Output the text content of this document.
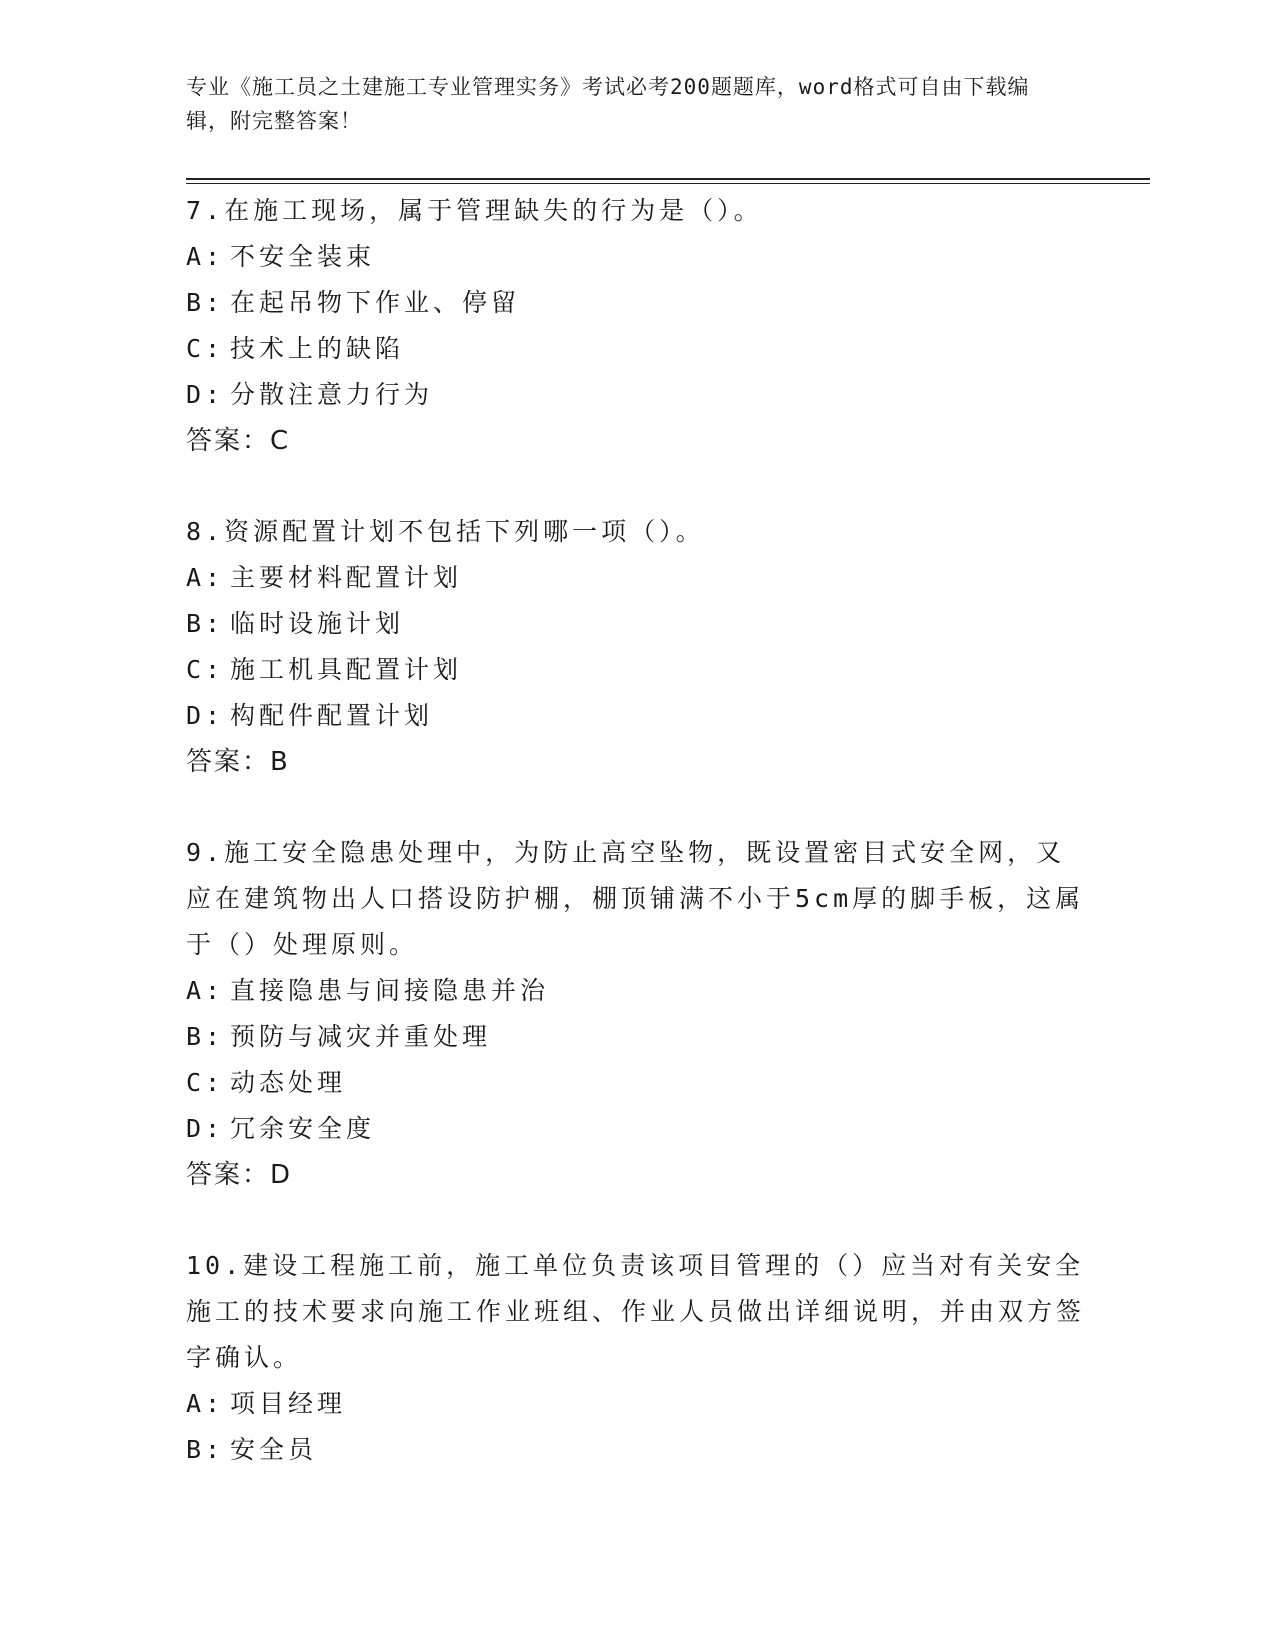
专业《施工员之土建施工专业管理实务》考试必考200题题库，word格式可自由下载编辑，附完整答案！

7.在施工现场，属于管理缺失的行为是（）。

A: 不安全装束

B: 在起吊物下作业、停留

C: 技术上的缺陷

D: 分散注意力行为

答案：C

8.资源配置计划不包括下列哪一项（）。

A: 主要材料配置计划

B: 临时设施计划

C: 施工机具配置计划

D: 构配件配置计划

答案：B

9.施工安全隐患处理中，为防止高空坠物，既设置密目式安全网，又应在建筑物出人口搭设防护棚，棚顶铺满不小于5cm厚的脚手板，这属于（）处理原则。

A: 直接隐患与间接隐患并治

B: 预防与减灾并重处理

C: 动态处理

D: 冗余安全度

答案：D

10.建设工程施工前，施工单位负责该项目管理的（）应当对有关安全施工的技术要求向施工作业班组、作业人员做出详细说明，并由双方签字确认。

A: 项目经理

B: 安全员
